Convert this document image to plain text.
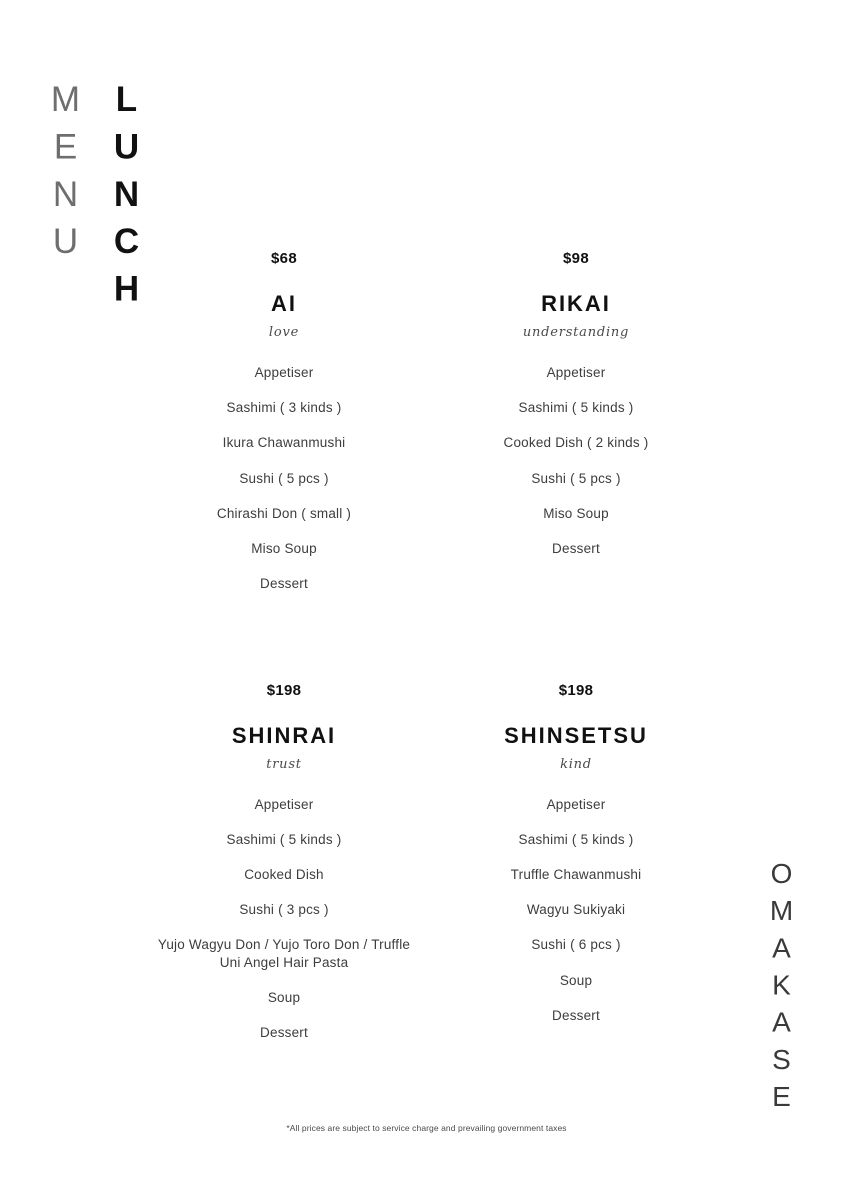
MENU LUNCH
OMAKASE
$68
AI
love
Appetiser
Sashimi ( 3 kinds )
Ikura Chawanmushi
Sushi ( 5 pcs )
Chirashi Don ( small )
Miso Soup
Dessert
$98
RIKAI
understanding
Appetiser
Sashimi ( 5 kinds )
Cooked Dish ( 2 kinds )
Sushi ( 5 pcs )
Miso Soup
Dessert
$198
SHINRAI
trust
Appetiser
Sashimi ( 5 kinds )
Cooked Dish
Sushi ( 3 pcs )
Yujo Wagyu Don / Yujo Toro Don / Truffle Uni Angel Hair Pasta
Soup
Dessert
$198
SHINSETSU
kind
Appetiser
Sashimi ( 5 kinds )
Truffle Chawanmushi
Wagyu Sukiyaki
Sushi ( 6 pcs )
Soup
Dessert
*All prices are subject to service charge and prevailing government taxes
